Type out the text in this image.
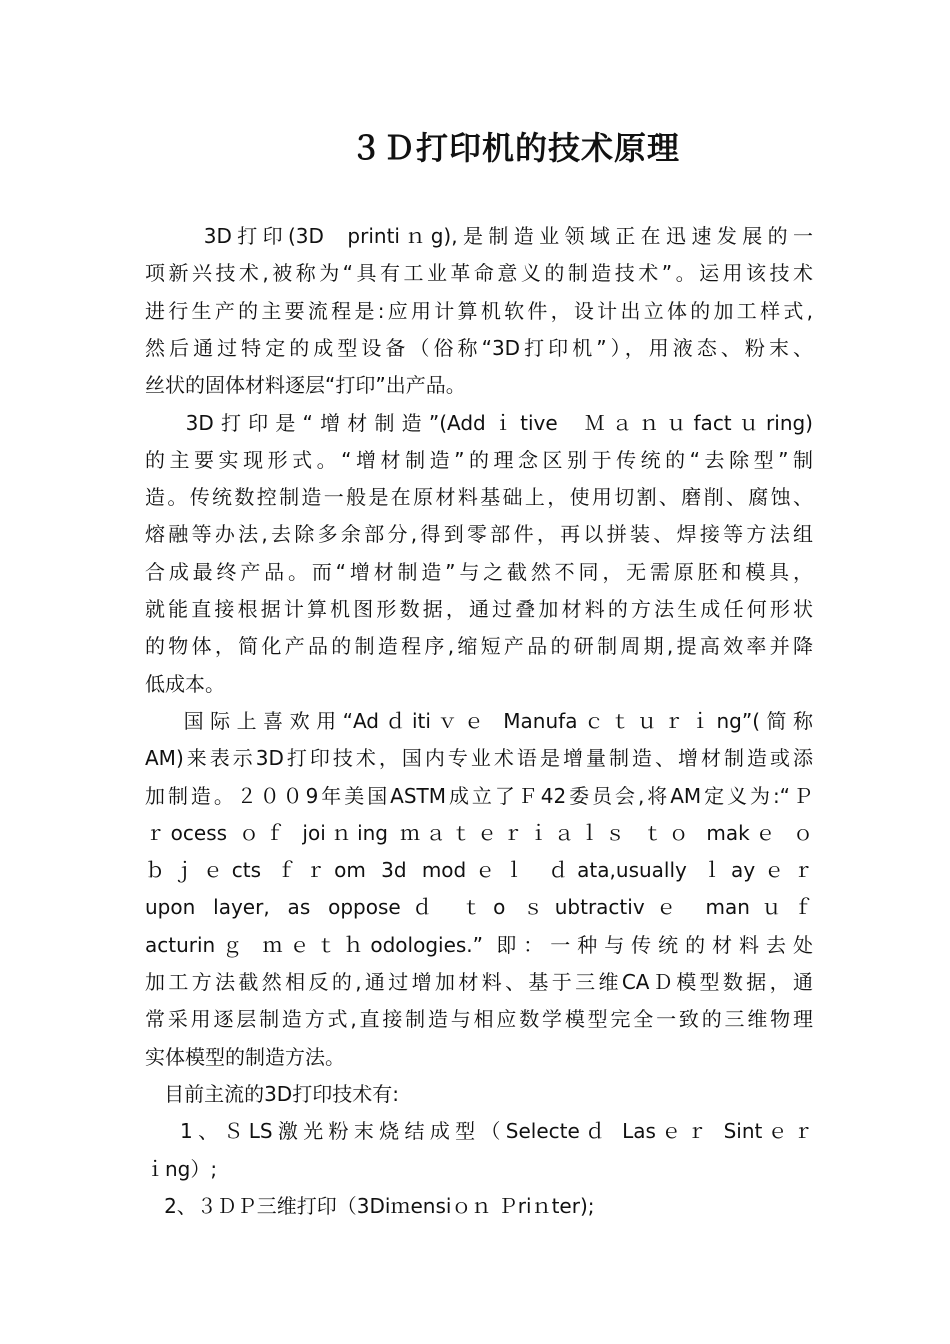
３Ｄ打印机的技术原理
3D打印(3D  printiｎg),是制造业领域正在迅速发展的一
项新兴技术,被称为“具有工业革命意义的制造技术”。运用该技术
进行生产的主要流程是:应用计算机软件，设计出立体的加工样式,
然后通过特定的成型设备（俗称“3D打印机”），用液态、粉末、
丝状的固体材料逐层“打印”出产品。
3D打印是“增材制造”(Addｉtive  Ｍａｎｕfactｕring)
的主要实现形式。“增材制造”的理念区别于传统的“去除型”制
造。传统数控制造一般是在原材料基础上，使用切割、磨削、腐蚀、
熔融等办法,去除多余部分,得到零部件，再以拼装、焊接等方法组
合成最终产品。而“增材制造”与之截然不同，无需原胚和模具，
就能直接根据计算机图形数据，通过叠加材料的方法生成任何形状
的物体，简化产品的制造程序,缩短产品的研制周期,提高效率并降
低成本。
国际上喜欢用“Adｄitiｖｅ Manufaｃｔｕｒｉng”(简称
AM)来表示3D打印技术，国内专业术语是增量制造、增材制造或添
加制造。２００9年美国ASTM成立了Ｆ42委员会,将AM定义为:“Ｐ
ｒocess ｏｆ joiｎing ｍａｔｅｒｉａｌｓ ｔｏ makｅ ｏ
ｂｊｅcts ｆｒom 3d modｅｌ ｄata,usually ｌayｅｒ
upon layer, as opposeｄ ｔo ｓubtractivｅ manｕｆ
acturinｇ ｍｅｔｈodologies.” 即：一种与传统的材料去处
加工方法截然相反的,通过增加材料、基于三维CAＤ模型数据，通
常采用逐层制造方式,直接制造与相应数学模型完全一致的三维物理
实体模型的制造方法。
目前主流的3D打印技术有:
1、ＳLS激光粉末烧结成型（Selecteｄ Lasｅｒ Sintｅｒ
ｉng）;
2、３ＤＰ三维打印（3Diｍensiｏｎ Ｐriｎter);
